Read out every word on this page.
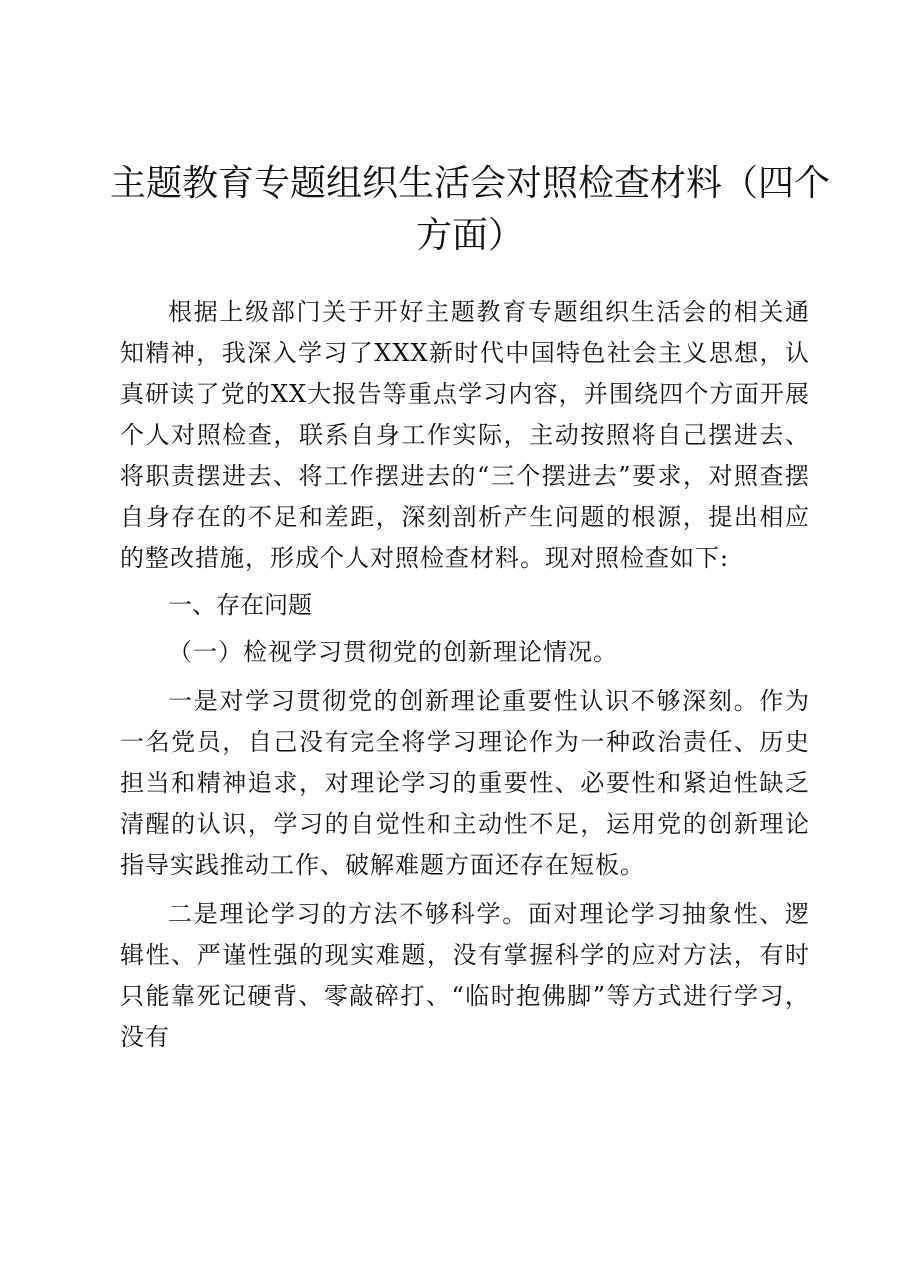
主题教育专题组织生活会对照检查材料（四个方面）

根据上级部门关于开好主题教育专题组织生活会的相关通知精神，我深入学习了XXX新时代中国特色社会主义思想，认真研读了党的XX大报告等重点学习内容，并围绕四个方面开展个人对照检查，联系自身工作实际，主动按照将自己摆进去、将职责摆进去、将工作摆进去的“三个摆进去”要求，对照查摆自身存在的不足和差距，深刻剖析产生问题的根源，提出相应的整改措施，形成个人对照检查材料。现对照检查如下:

一、存在问题

（一）检视学习贯彻党的创新理论情况。

一是对学习贯彻党的创新理论重要性认识不够深刻。作为一名党员，自己没有完全将学习理论作为一种政治责任、历史担当和精神追求，对理论学习的重要性、必要性和紧迫性缺乏清醒的认识，学习的自觉性和主动性不足，运用党的创新理论指导实践推动工作、破解难题方面还存在短板。

二是理论学习的方法不够科学。面对理论学习抽象性、逻辑性、严谨性强的现实难题，没有掌握科学的应对方法，有时只能靠死记硬背、零敲碎打、“临时抱佛脚”等方式进行学习，没有
